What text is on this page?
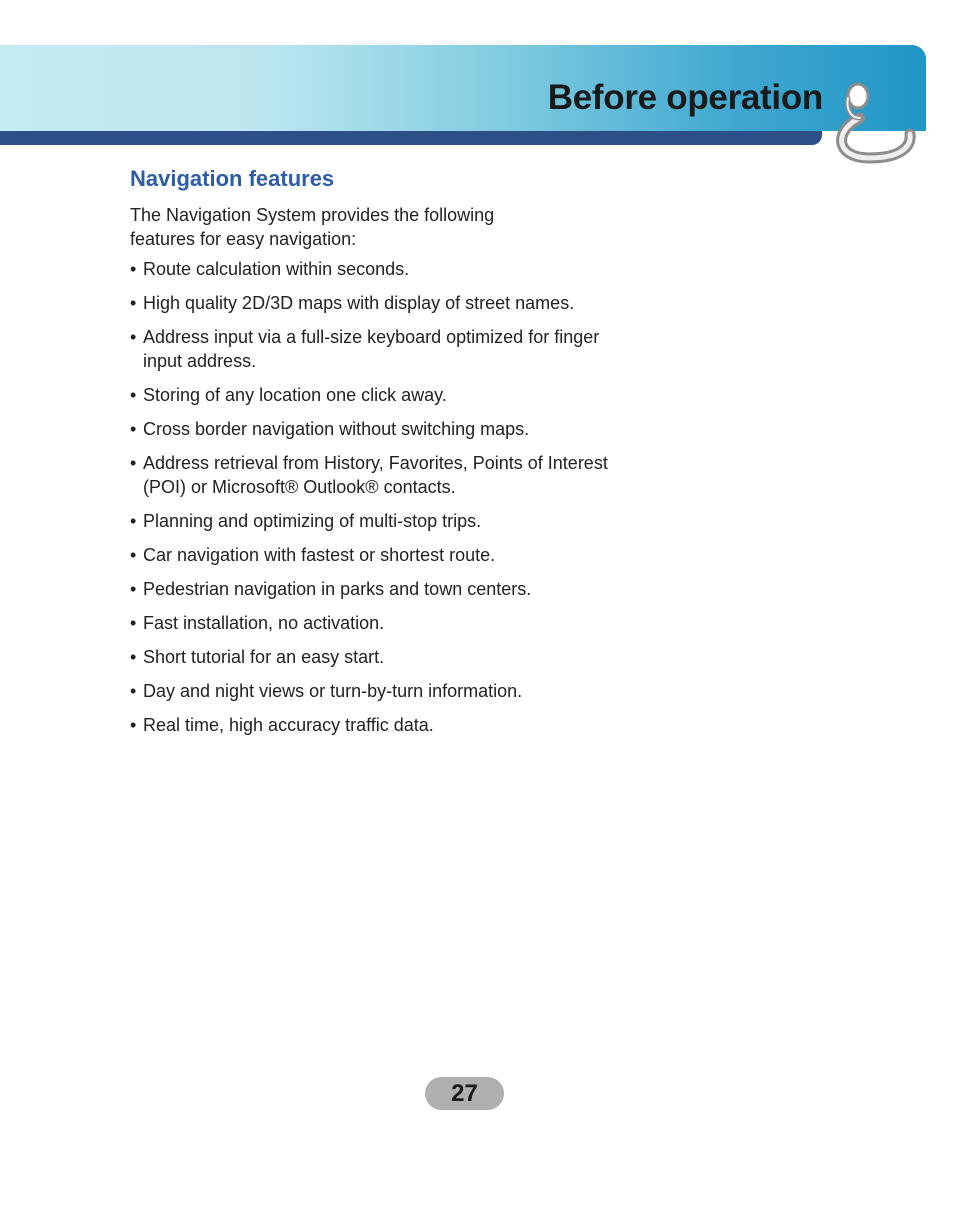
Before operation
Navigation features

The Navigation System provides the following features for easy navigation:

• Route calculation within seconds.
• High quality 2D/3D maps with display of street names.
• Address input via a full-size keyboard optimized for finger input address.
• Storing of any location one click away.
• Cross border navigation without switching maps.
• Address retrieval from History, Favorites, Points of Interest (POI) or Microsoft® Outlook® contacts.
• Planning and optimizing of multi-stop trips.
• Car navigation with fastest or shortest route.
• Pedestrian navigation in parks and town centers.
• Fast installation, no activation.
• Short tutorial for an easy start.
• Day and night views or turn-by-turn information.
• Real time, high accuracy traffic data.
27
